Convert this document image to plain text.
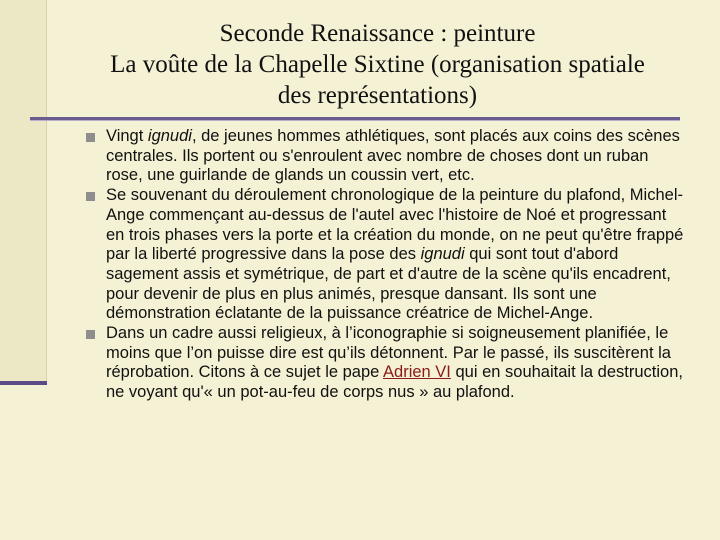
Seconde Renaissance : peinture
La voûte de la Chapelle Sixtine (organisation spatiale
des représentations)
Vingt ignudi, de jeunes hommes athlétiques, sont placés aux coins des scènes centrales. Ils portent ou s'enroulent avec nombre de choses dont un ruban rose, une guirlande de glands un coussin vert, etc.
Se souvenant du déroulement chronologique de la peinture du plafond, Michel-Ange commençant au-dessus de l'autel avec l'histoire de Noé et progressant en trois phases vers la porte et la création du monde, on ne peut qu'être frappé par la liberté progressive dans la pose des ignudi qui sont tout d'abord sagement assis et symétrique, de part et d'autre de la scène qu'ils encadrent, pour devenir de plus en plus animés, presque dansant. Ils sont une démonstration éclatante de la puissance créatrice de Michel-Ange.
Dans un cadre aussi religieux, à l’iconographie si soigneusement planifiée, le moins que l’on puisse dire est qu’ils détonnent. Par le passé, ils suscitèrent la réprobation. Citons à ce sujet le pape Adrien VI qui en souhaitait la destruction, ne voyant qu'« un pot-au-feu de corps nus » au plafond.
